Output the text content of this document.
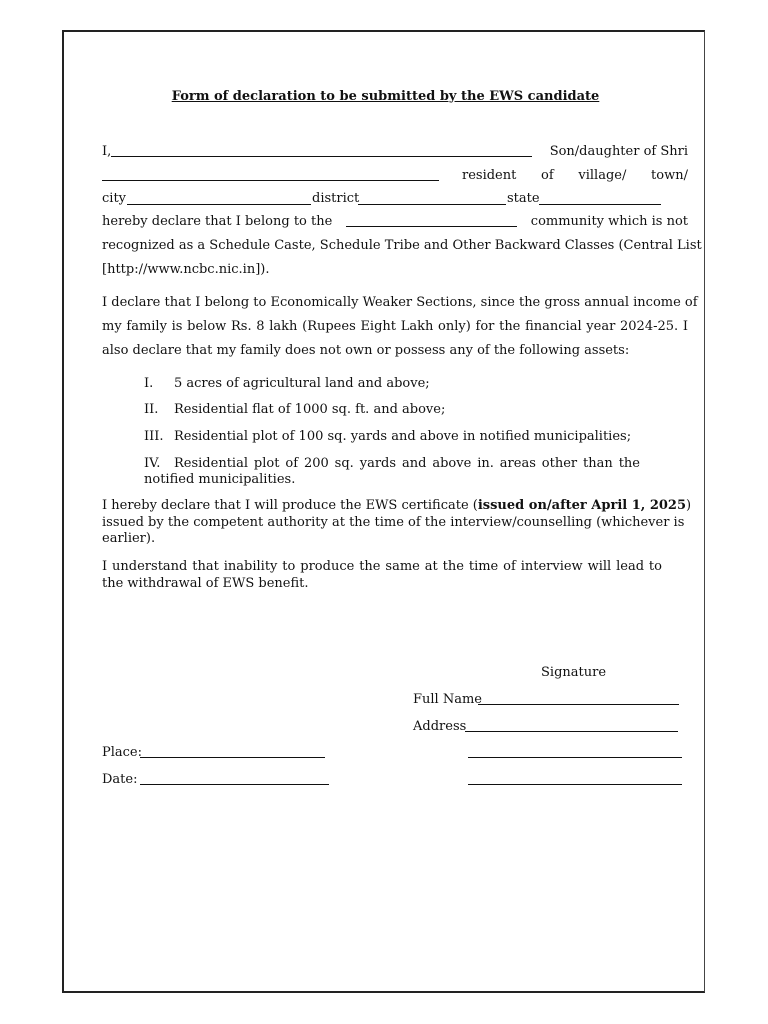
Form of declaration to be submitted by the EWS candidate
I,	Son/daughter of Shri
resident of village/ town/
city	district	state
hereby declare that I belong to the	community which is not
recognized as a Schedule Caste, Schedule Tribe and Other Backward Classes (Central List
[http://www.ncbc.nic.in]).
I declare that I belong to Economically Weaker Sections, since the gross annual income of
my family is below Rs. 8 lakh (Rupees Eight Lakh only) for the financial year 2024-25. I
also declare that my family does not own or possess any of the following assets:
I. 5 acres of agricultural land and above;
II. Residential flat of 1000 sq. ft. and above;
III. Residential plot of 100 sq. yards and above in notified municipalities;
IV.	Residential plot of 200 sq. yards and above in. areas other than the
notified municipalities.
I hereby declare that I will produce the EWS certificate (issued on/after April 1, 2025)
issued by the competent authority at the time of the interview/counselling (whichever is
earlier).
I understand that inability to produce the same at the time of interview will lead to
the withdrawal of EWS benefit.
Signature
Full Name
Address
Place:
Date:
